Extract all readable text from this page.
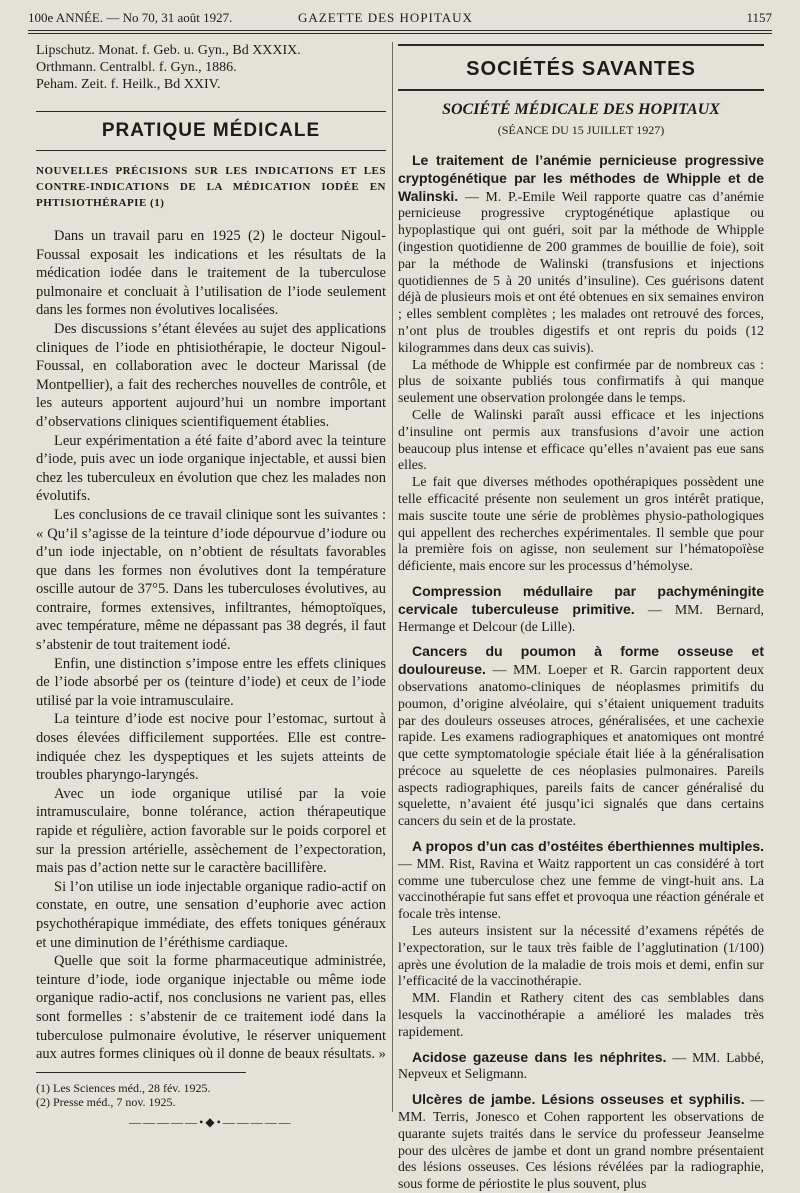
100e ANNÉE. — No 70, 31 août 1927.	GAZETTE DES HOPITAUX	1157
Lipschutz. Monat. f. Geb. u. Gyn., Bd XXXIX.
Orthmann. Centralbl. f. Gyn., 1886.
Peham. Zeit. f. Heilk., Bd XXIV.
PRATIQUE MÉDICALE
NOUVELLES PRÉCISIONS SUR LES INDICATIONS ET LES CONTRE-INDICATIONS DE LA MÉDICATION IODÉE EN PHTISIOTHÉRAPIE (1)

Dans un travail paru en 1925 (2) le docteur Nigoul-Foussal exposait les indications et les résultats de la médication iodée dans le traitement de la tuberculose pulmonaire et concluait à l’utilisation de l’iode seulement dans les formes non évolutives localisées.

Des discussions s’étant élevées au sujet des applications cliniques de l’iode en phtisiothérapie, le docteur Nigoul-Foussal, en collaboration avec le docteur Marissal (de Montpellier), a fait des recherches nouvelles de contrôle, et les auteurs apportent aujourd’hui un nombre important d’observations cliniques scientifiquement établies.

Leur expérimentation a été faite d’abord avec la teinture d’iode, puis avec un iode organique injectable, et aussi bien chez les tuberculeux en évolution que chez les malades non évolutifs.

Les conclusions de ce travail clinique sont les suivantes : « Qu’il s’agisse de la teinture d’iode dépourvue d’iodure ou d’un iode injectable, on n’obtient de résultats favorables que dans les formes non évolutives dont la température oscille autour de 37°5. Dans les tuberculoses évolutives, au contraire, formes extensives, infiltrantes, hémoptoïques, avec température, même ne dépassant pas 38 degrés, il faut s’abstenir de tout traitement iodé.

Enfin, une distinction s’impose entre les effets cliniques de l’iode absorbé per os (teinture d’iode) et ceux de l’iode utilisé par la voie intramusculaire.

La teinture d’iode est nocive pour l’estomac, surtout à doses élevées difficilement supportées. Elle est contre-indiquée chez les dyspeptiques et les sujets atteints de troubles pharyngo-laryngés.

Avec un iode organique utilisé par la voie intramusculaire, bonne tolérance, action thérapeutique rapide et régulière, action favorable sur le poids corporel et sur la pression artérielle, assèchement de l’expectoration, mais pas d’action nette sur le caractère bacillifère.

Si l’on utilise un iode injectable organique radio-actif on constate, en outre, une sensation d’euphorie avec action psychothérapique immédiate, des effets toniques généraux et une diminution de l’éréthisme cardiaque.

Quelle que soit la forme pharmaceutique administrée, teinture d’iode, iode organique injectable ou même iode organique radio-actif, nos conclusions ne varient pas, elles sont formelles : s’abstenir de ce traitement iodé dans la tuberculose pulmonaire évolutive, le réserver uniquement aux autres formes cliniques où il donne de beaux résultats. »

(1) Les Sciences méd., 28 fév. 1925.
(2) Presse méd., 7 nov. 1925.
—————•◆•—————
SOCIÉTÉS SAVANTES
SOCIÉTÉ MÉDICALE DES HOPITAUX
(SÉANCE DU 15 JUILLET 1927)

Le traitement de l’anémie pernicieuse progressive cryptogénétique par les méthodes de Whipple et de Walinski. — M. P.-Emile Weil rapporte quatre cas d’anémie pernicieuse progressive cryptogénétique aplastique ou hypoplastique qui ont guéri, soit par la méthode de Whipple (ingestion quotidienne de 200 grammes de bouillie de foie), soit par la méthode de Walinski (transfusions et injections quotidiennes de 5 à 20 unités d’insuline). Ces guérisons datent déjà de plusieurs mois et ont été obtenues en six semaines environ ; elles semblent complètes ; les malades ont retrouvé des forces, n’ont plus de troubles digestifs et ont repris du poids (12 kilogrammes dans deux cas suivis).

La méthode de Whipple est confirmée par de nombreux cas : plus de soixante publiés tous confirmatifs à qui manque seulement une observation prolongée dans le temps.

Celle de Walinski paraît aussi efficace et les injections d’insuline ont permis aux transfusions d’avoir une action beaucoup plus intense et efficace qu’elles n’avaient pas eue sans elles.

Le fait que diverses méthodes opothérapiques possèdent une telle efficacité présente non seulement un gros intérêt pratique, mais suscite toute une série de problèmes physio-pathologiques qui appellent des recherches expérimentales. Il semble que pour la première fois on agisse, non seulement sur l’hématopoïèse déficiente, mais encore sur les processus d’hémolyse.

Compression médullaire par pachyméningite cervicale tuberculeuse primitive. — MM. Bernard, Hermange et Delcour (de Lille).

Cancers du poumon à forme osseuse et douloureuse. — MM. Loeper et R. Garcin rapportent deux observations anatomo-cliniques de néoplasmes primitifs du poumon, d’origine alvéolaire, qui s’étaient uniquement traduits par des douleurs osseuses atroces, généralisées, et une cachexie rapide. Les examens radiographiques et anatomiques ont montré que cette symptomatologie spéciale était liée à la généralisation précoce au squelette de ces néoplasies pulmonaires. Pareils aspects radiographiques, pareils faits de cancer généralisé du squelette, n’avaient été jusqu’ici signalés que dans certains cancers du sein et de la prostate.

A propos d’un cas d’ostéites éberthiennes multiples. — MM. Rist, Ravina et Waitz rapportent un cas considéré à tort comme une tuberculose chez une femme de vingt-huit ans. La vaccinothérapie fut sans effet et provoqua une réaction générale et focale très intense.

Les auteurs insistent sur la nécessité d’examens répétés de l’expectoration, sur le taux très faible de l’agglutination (1/100) après une évolution de la maladie de trois mois et demi, enfin sur l’efficacité de la vaccinothérapie.

MM. Flandin et Rathery citent des cas semblables dans lesquels la vaccinothérapie a amélioré les malades très rapidement.

Acidose gazeuse dans les néphrites. — MM. Labbé, Nepveux et Seligmann.

Ulcères de jambe. Lésions osseuses et syphilis. — MM. Terris, Jonesco et Cohen rapportent les observations de quarante sujets traités dans le service du professeur Jeanselme pour des ulcères de jambe et dont un grand nombre présentaient des lésions osseuses. Ces lésions révélées par la radiographie, sous forme de périostite le plus souvent, plus
